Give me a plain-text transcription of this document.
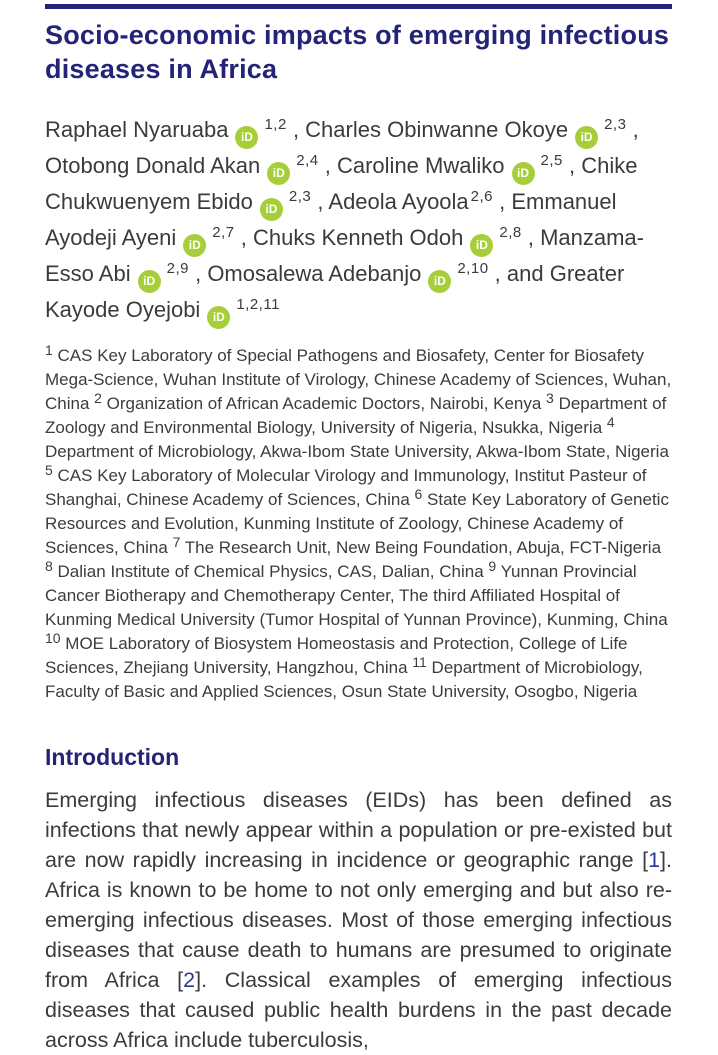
Socio-economic impacts of emerging infectious diseases in Africa

Raphael Nyaruaba iD$^{1,2}$ , Charles Obinwanne Okoye iD$^{2,3}$ , Otobong Donald Akan iD$^{2,4}$ , Caroline Mwaliko iD$^{2,5}$ , Chike Chukwuenyem Ebido iD$^{2,3}$ , Adeola Ayoola $^{2,6}$ , Emmanuel Ayodeji Ayeni iD$^{2,7}$ , Chuks Kenneth Odoh iD$^{2,8}$ , Manzama-Esso Abi iD$^{2,9}$ , Omosalewa Adebanjo iD$^{2,10}$ , and Greater Kayode Oyejobi iD$^{1,2,11}$

$^1$ CAS Key Laboratory of Special Pathogens and Biosafety, Center for Biosafety Mega-Science, Wuhan Institute of Virology, Chinese Academy of Sciences, Wuhan, China $^2$ Organization of African Academic Doctors, Nairobi, Kenya $^3$ Department of Zoology and Environmental Biology, University of Nigeria, Nsukka, Nigeria $^4$ Department of Microbiology, Akwa-Ibom State University, Akwa-Ibom State, Nigeria $^5$ CAS Key Laboratory of Molecular Virology and Immunology, Institut Pasteur of Shanghai, Chinese Academy of Sciences, China $^6$ State Key Laboratory of Genetic Resources and Evolution, Kunming Institute of Zoology, Chinese Academy of Sciences, China $^7$ The Research Unit, New Being Foundation, Abuja, FCT-Nigeria $^8$ Dalian Institute of Chemical Physics, CAS, Dalian, China $^9$ Yunnan Provincial Cancer Biotherapy and Chemotherapy Center, The third Affiliated Hospital of Kunming Medical University (Tumor Hospital of Yunnan Province), Kunming, China $^{10}$ MOE Laboratory of Biosystem Homeostasis and Protection, College of Life Sciences, Zhejiang University, Hangzhou, China $^{11}$ Department of Microbiology, Faculty of Basic and Applied Sciences, Osun State University, Osogbo, Nigeria

Introduction

Emerging infectious diseases (EIDs) has been defined as infections that newly appear within a population or pre-existed but are now rapidly increasing in incidence or geographic range [1]. Africa is known to be home to not only emerging and but also re-emerging infectious diseases. Most of those emerging infectious diseases that cause death to humans are presumed to originate from Africa [2]. Classical examples of emerging infectious diseases that caused public health burdens in the past decade across Africa include tuberculosis,
